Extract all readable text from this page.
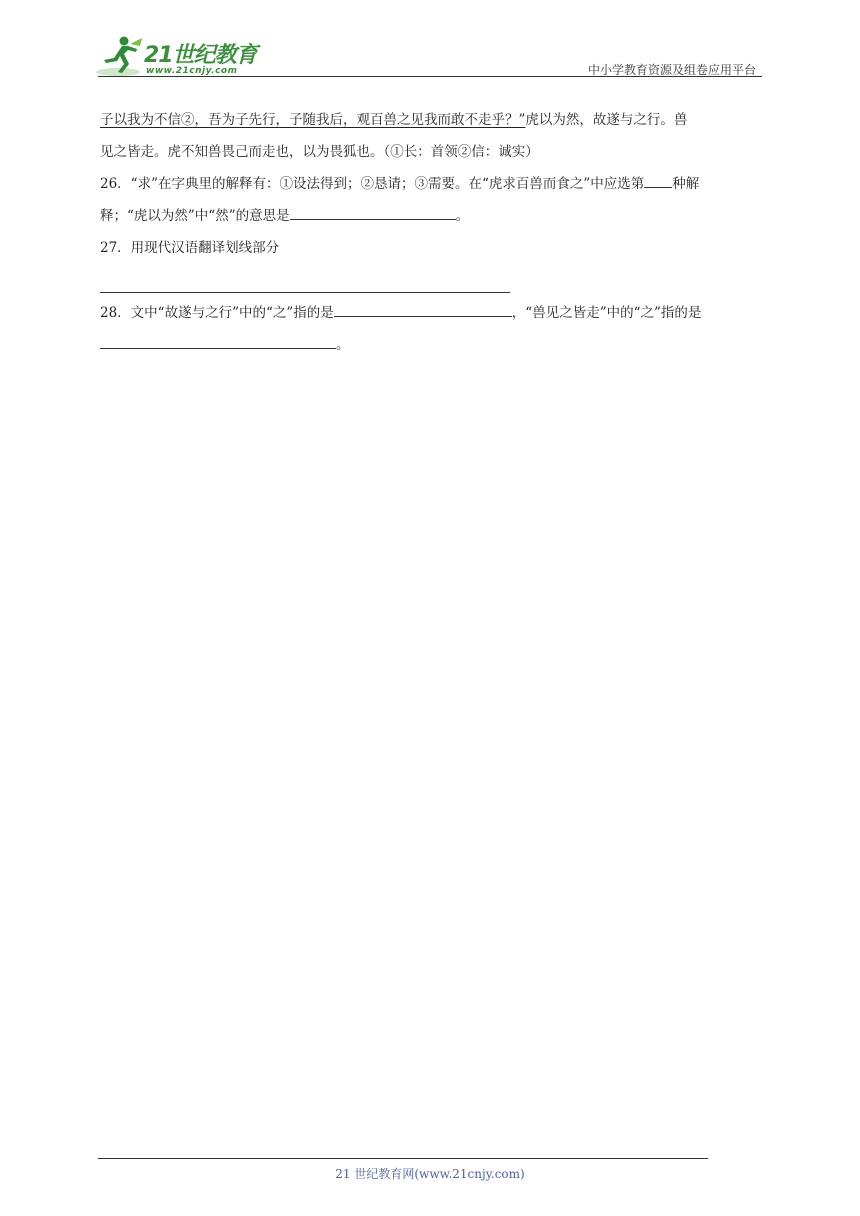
21世纪教育
www.21cnjy.com	中小学教育资源及组卷应用平台
子以我为不信②，吾为子先行，子随我后，观百兽之见我而敢不走乎？”虎以为然，故遂与之行。兽
见之皆走。虎不知兽畏己而走也，以为畏狐也。（①长：首领②信：诚实）
26．“求”在字典里的解释有：①设法得到；②恳请；③需要。在“虎求百兽而食之”中应选第 种解
释；“虎以为然”中“然”的意思是	。
27．用现代汉语翻译划线部分
28．文中“故遂与之行”中的“之”指的是	，“兽见之皆走”中的“之”指的是
。
21 世纪教育网(www.21cnjy.com)
